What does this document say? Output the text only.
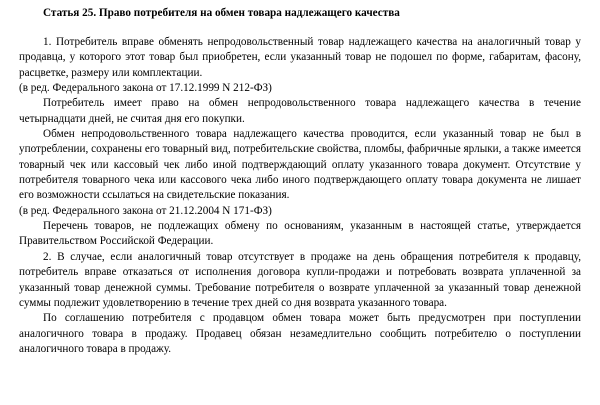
Статья 25. Право потребителя на обмен товара надлежащего качества

1. Потребитель вправе обменять непродовольственный товар надлежащего качества на аналогичный товар у продавца, у которого этот товар был приобретен, если указанный товар не подошел по форме, габаритам, фасону, расцветке, размеру или комплектации.

(в ред. Федерального закона от 17.12.1999 N 212-ФЗ)

Потребитель имеет право на обмен непродовольственного товара надлежащего качества в течение четырнадцати дней, не считая дня его покупки.

Обмен непродовольственного товара надлежащего качества проводится, если указанный товар не был в употреблении, сохранены его товарный вид, потребительские свойства, пломбы, фабричные ярлыки, а также имеется товарный чек или кассовый чек либо иной подтверждающий оплату указанного товара документ. Отсутствие у потребителя товарного чека или кассового чека либо иного подтверждающего оплату товара документа не лишает его возможности ссылаться на свидетельские показания.

(в ред. Федерального закона от 21.12.2004 N 171-ФЗ)

Перечень товаров, не подлежащих обмену по основаниям, указанным в настоящей статье, утверждается Правительством Российской Федерации.

2. В случае, если аналогичный товар отсутствует в продаже на день обращения потребителя к продавцу, потребитель вправе отказаться от исполнения договора купли-продажи и потребовать возврата уплаченной за указанный товар денежной суммы. Требование потребителя о возврате уплаченной за указанный товар денежной суммы подлежит удовлетворению в течение трех дней со дня возврата указанного товара.

По соглашению потребителя с продавцом обмен товара может быть предусмотрен при поступлении аналогичного товара в продажу. Продавец обязан незамедлительно сообщить потребителю о поступлении аналогичного товара в продажу.
